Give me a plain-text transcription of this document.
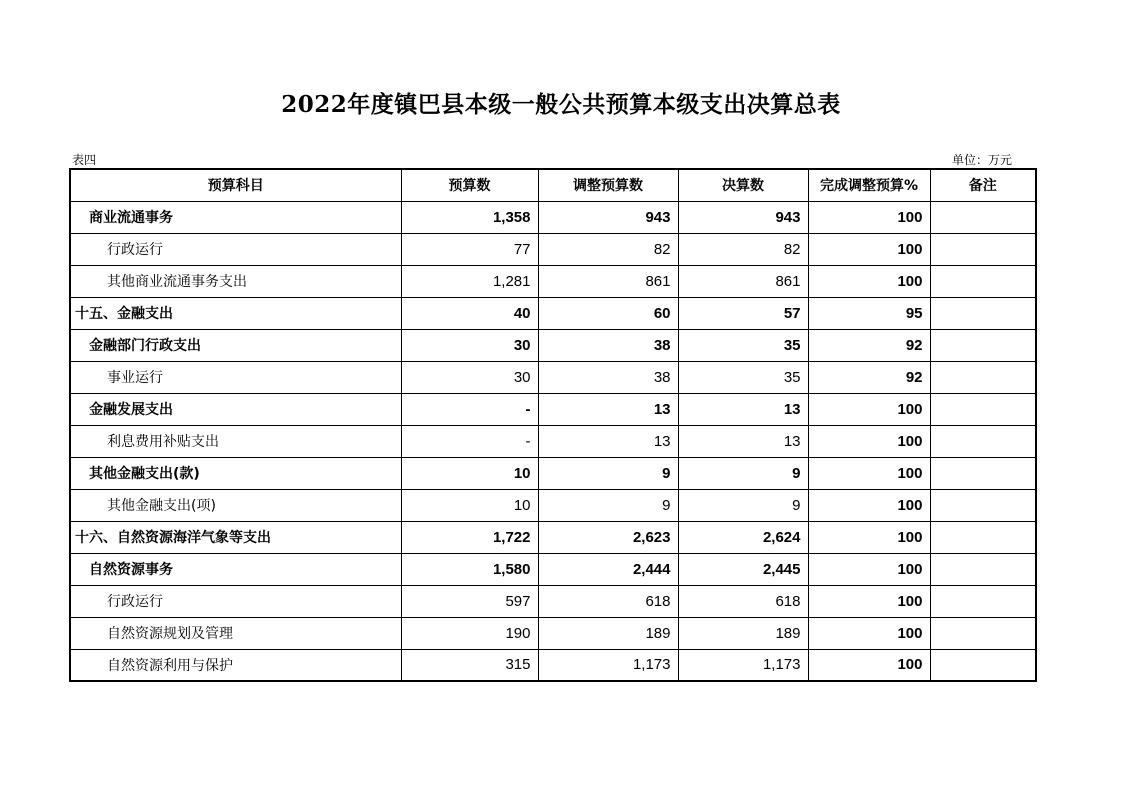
2022年度镇巴县本级一般公共预算本级支出决算总表
表四	单位：万元
预算科目	预算数	调整预算数	决算数	完成调整预算%	备注
商业流通事务	1,358	943	943	100	
行政运行	77	82	82	100	
其他商业流通事务支出	1,281	861	861	100	
十五、金融支出	40	60	57	95	
金融部门行政支出	30	38	35	92	
事业运行	30	38	35	92	
金融发展支出	-	13	13	100	
利息费用补贴支出	-	13	13	100	
其他金融支出(款)	10	9	9	100	
其他金融支出(项)	10	9	9	100	
十六、自然资源海洋气象等支出	1,722	2,623	2,624	100	
自然资源事务	1,580	2,444	2,445	100	
行政运行	597	618	618	100	
自然资源规划及管理	190	189	189	100	
自然资源利用与保护	315	1,173	1,173	100	
